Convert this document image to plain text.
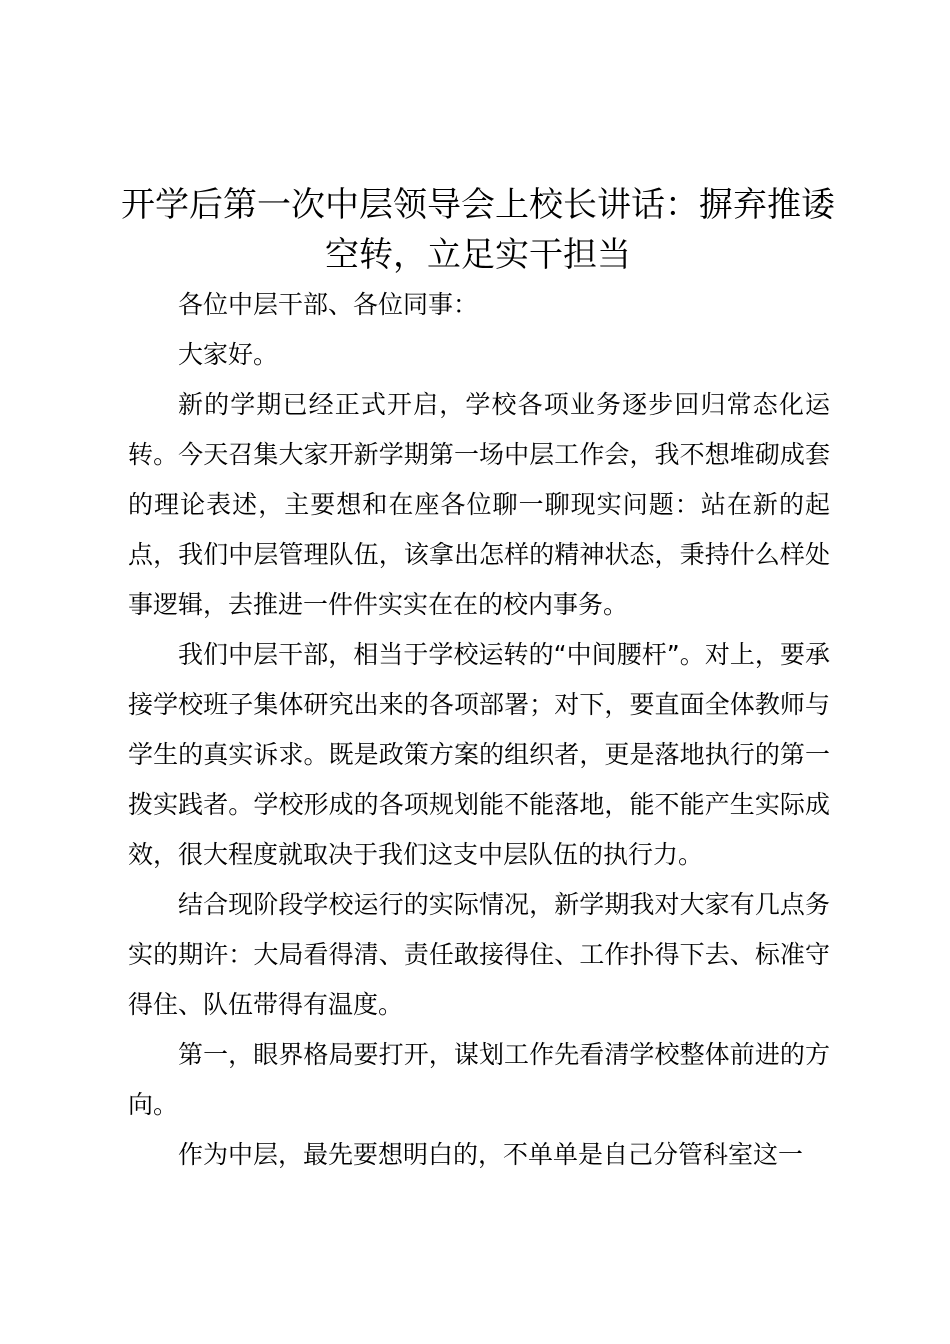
开学后第一次中层领导会上校长讲话：摒弃推诿空转，立足实干担当

各位中层干部、各位同事：

大家好。

新的学期已经正式开启，学校各项业务逐步回归常态化运转。今天召集大家开新学期第一场中层工作会，我不想堆砌成套的理论表述，主要想和在座各位聊一聊现实问题：站在新的起点，我们中层管理队伍，该拿出怎样的精神状态，秉持什么样处事逻辑，去推进一件件实实在在的校内事务。

我们中层干部，相当于学校运转的“中间腰杆”。对上，要承接学校班子集体研究出来的各项部署；对下，要直面全体教师与学生的真实诉求。既是政策方案的组织者，更是落地执行的第一拨实践者。学校形成的各项规划能不能落地，能不能产生实际成效，很大程度就取决于我们这支中层队伍的执行力。

结合现阶段学校运行的实际情况，新学期我对大家有几点务实的期许：大局看得清、责任敢接得住、工作扑得下去、标准守得住、队伍带得有温度。

第一，眼界格局要打开，谋划工作先看清学校整体前进的方向。

作为中层，最先要想明白的，不单单是自己分管科室这一
